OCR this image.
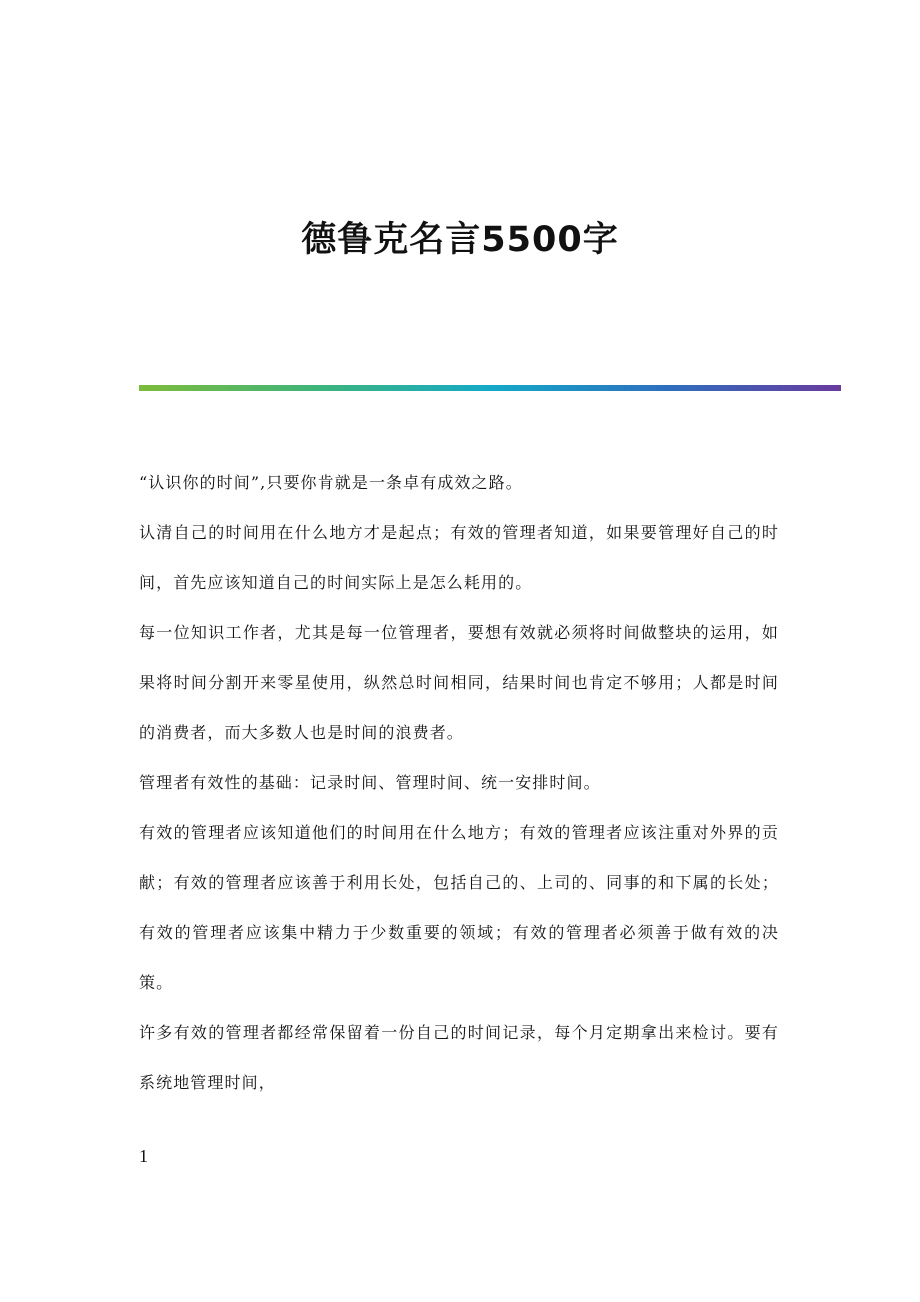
德鲁克名言5500字

“认识你的时间”,只要你肯就是一条卓有成效之路。

认清自己的时间用在什么地方才是起点；有效的管理者知道，如果要管理好自己的时间，首先应该知道自己的时间实际上是怎么耗用的。

每一位知识工作者，尤其是每一位管理者，要想有效就必须将时间做整块的运用，如果将时间分割开来零星使用，纵然总时间相同，结果时间也肯定不够用；人都是时间的消费者，而大多数人也是时间的浪费者。

管理者有效性的基础：记录时间、管理时间、统一安排时间。

有效的管理者应该知道他们的时间用在什么地方；有效的管理者应该注重对外界的贡献；有效的管理者应该善于利用长处，包括自己的、上司的、同事的和下属的长处；有效的管理者应该集中精力于少数重要的领域；有效的管理者必须善于做有效的决策。

许多有效的管理者都经常保留着一份自己的时间记录，每个月定期拿出来检讨。要有系统地管理时间，

1
